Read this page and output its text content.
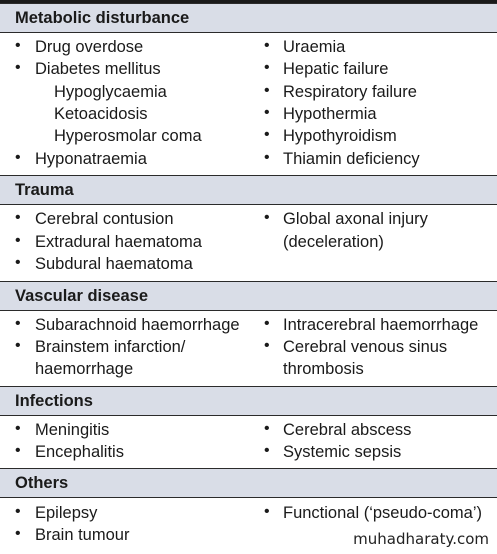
Metabolic disturbance
• Drug overdose
• Diabetes mellitus
Hypoglycaemia
Ketoacidosis
Hyperosmolar coma
• Hyponatraemia
• Uraemia
• Hepatic failure
• Respiratory failure
• Hypothermia
• Hypothyroidism
• Thiamin deficiency
Trauma
• Cerebral contusion
• Extradural haematoma
• Subdural haematoma
• Global axonal injury
(deceleration)
Vascular disease
• Subarachnoid haemorrhage
• Brainstem infarction/
haemorrhage
• Intracerebral haemorrhage
• Cerebral venous sinus
thrombosis
Infections
• Meningitis
• Encephalitis
• Cerebral abscess
• Systemic sepsis
Others
• Epilepsy
• Brain tumour
• Functional (‘pseudo-coma’)
muhadharaty.com
